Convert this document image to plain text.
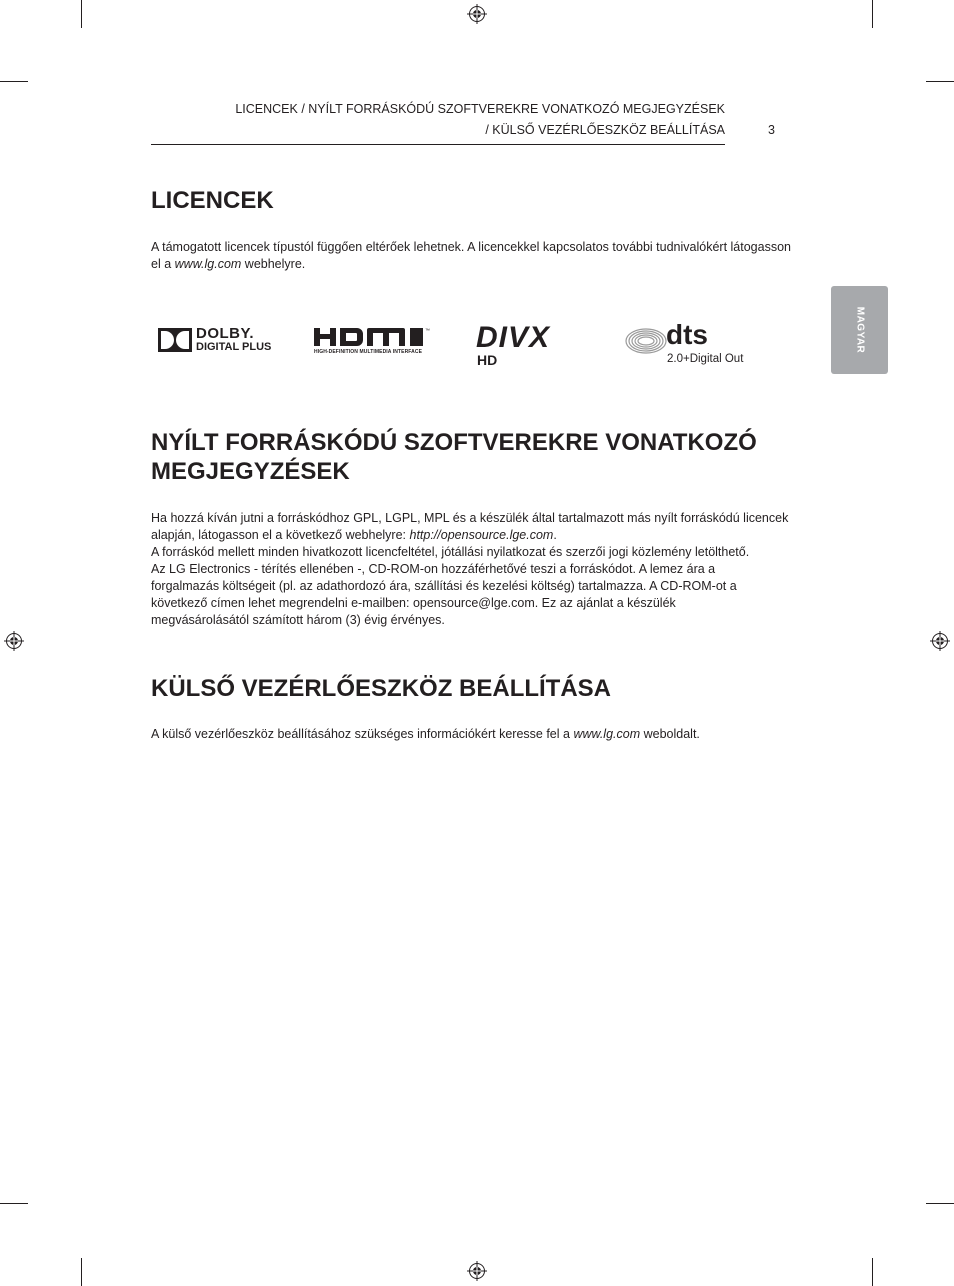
LICENCEK / NYÍLT FORRÁSKÓDÚ SZOFTVEREKRE VONATKOZÓ MEGJEGYZÉSEK
/ KÜLSŐ VEZÉRLŐESZKÖZ BEÁLLÍTÁSA	3
MAGYAR
LICENCEK

A támogatott licencek típustól függően eltérőek lehetnek. A licencekkel kapcsolatos további tudnivalókért látogasson el a www.lg.com webhelyre.

DOLBY.
DIGITAL PLUS
™
HIGH-DEFINITION MULTIMEDIA INTERFACE DIVX
HD
dts
2.0+Digital Out
NYÍLT FORRÁSKÓDÚ SZOFTVEREKRE VONATKOZÓ MEGJEGYZÉSEK

Ha hozzá kíván jutni a forráskódhoz GPL, LGPL, MPL és a készülék által tartalmazott más nyílt forráskódú licencek alapján, látogasson el a következő webhelyre: http://opensource.lge.com.

A forráskód mellett minden hivatkozott licencfeltétel, jótállási nyilatkozat és szerzői jogi közlemény letölthető.

Az LG Electronics - térítés ellenében -, CD-ROM-on hozzáférhetővé teszi a forráskódot. A lemez ára a forgalmazás költségeit (pl. az adathordozó ára, szállítási és kezelési költség) tartalmazza. A CD-ROM-ot a következő címen lehet megrendelni e-mailben: opensource@lge.com. Ez az ajánlat a készülék megvásárolásától számított három (3) évig érvényes.

KÜLSŐ VEZÉRLŐESZKÖZ BEÁLLÍTÁSA

A külső vezérlőeszköz beállításához szükséges információkért keresse fel a www.lg.com weboldalt.
